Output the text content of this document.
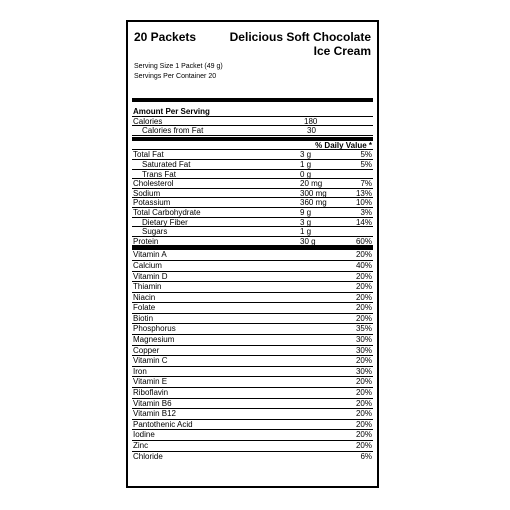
20 Packets	Delicious Soft Chocolate Ice Cream
Serving Size 1 Packet (49 g)
Servings Per Container 20
Amount Per Serving
Calories	180
Calories from Fat	30
% Daily Value *
Total Fat	3 g	5%
Saturated Fat	1 g	5%
Trans Fat	0 g
Cholesterol	20 mg	7%
Sodium	300 mg	13%
Potassium	360 mg	10%
Total Carbohydrate	9 g	3%
Dietary Fiber	3 g	14%
Sugars	1 g
Protein	30 g	60%
Vitamin A	20%
Calcium	40%
Vitamin D	20%
Thiamin	20%
Niacin	20%
Folate	20%
Biotin	20%
Phosphorus	35%
Magnesium	30%
Copper	30%
Vitamin C	20%
Iron	30%
Vitamin E	20%
Riboflavin	20%
Vitamin B6	20%
Vitamin B12	20%
Pantothenic Acid	20%
Iodine	20%
Zinc	20%
Chloride	6%
